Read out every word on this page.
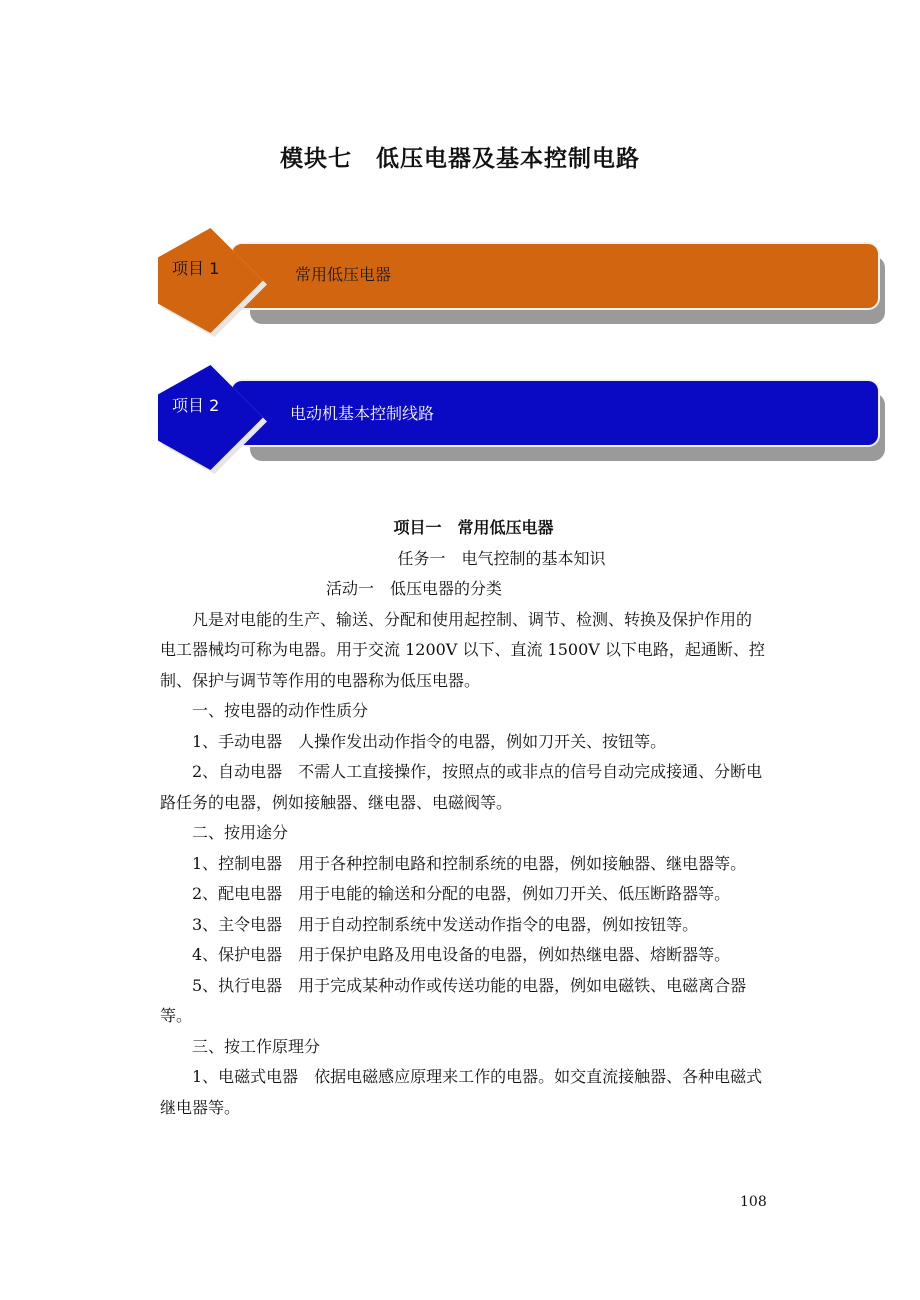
模块七　低压电器及基本控制电路
项目 1	常用低压电器
项目 2	电动机基本控制线路

项目一　常用低压电器

任务一　电气控制的基本知识

活动一　低压电器的分类

凡是对电能的生产、输送、分配和使用起控制、调节、检测、转换及保护作用的电工器械均可称为电器。用于交流 1200V 以下、直流 1500V 以下电路，起通断、控制、保护与调节等作用的电器称为低压电器。

一、按电器的动作性质分

1、手动电器　人操作发出动作指令的电器，例如刀开关、按钮等。

2、自动电器　不需人工直接操作，按照点的或非点的信号自动完成接通、分断电路任务的电器，例如接触器、继电器、电磁阀等。

二、按用途分

1、控制电器　用于各种控制电路和控制系统的电器，例如接触器、继电器等。

2、配电电器　用于电能的输送和分配的电器，例如刀开关、低压断路器等。

3、主令电器　用于自动控制系统中发送动作指令的电器，例如按钮等。

4、保护电器　用于保护电路及用电设备的电器，例如热继电器、熔断器等。

5、执行电器　用于完成某种动作或传送功能的电器，例如电磁铁、电磁离合器等。

三、按工作原理分

1、电磁式电器　依据电磁感应原理来工作的电器。如交直流接触器、各种电磁式继电器等。

108
